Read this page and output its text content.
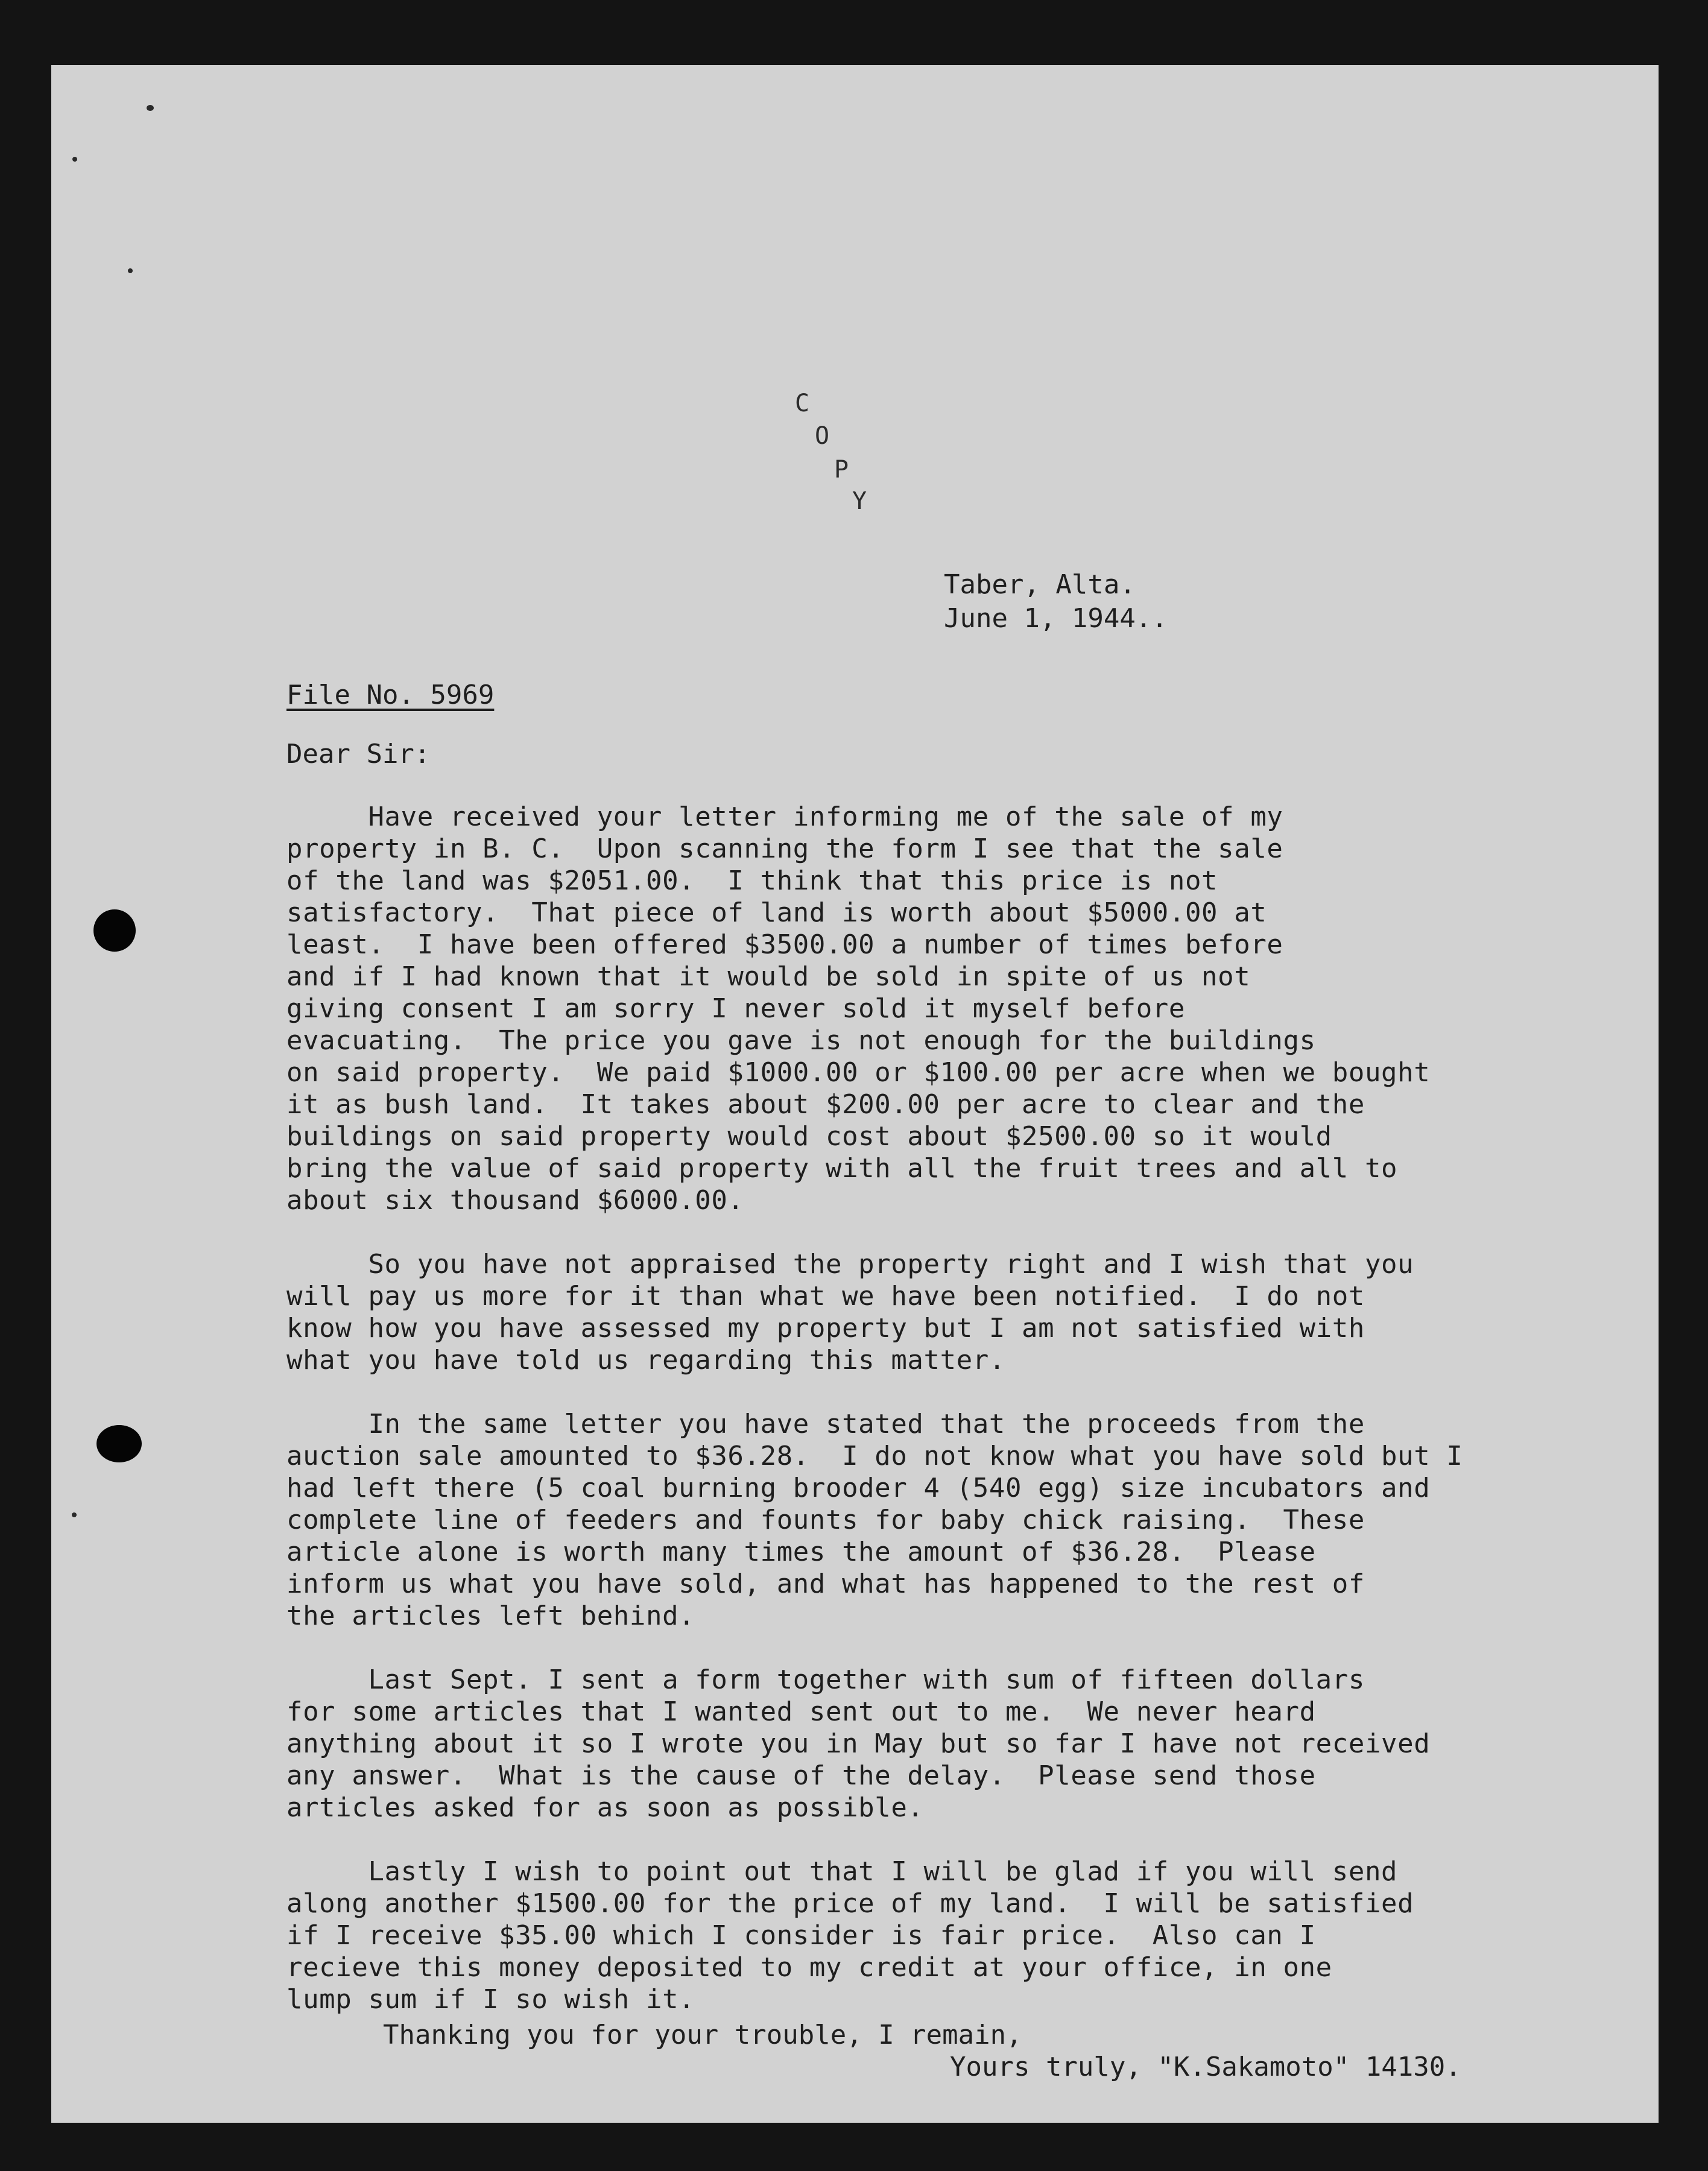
C
O
P
Y
Taber, Alta.
June 1, 1944..
File No. 5969
Dear Sir:
Have received your letter informing me of the sale of my
property in B. C.  Upon scanning the form I see that the sale
of the land was $2051.00.  I think that this price is not
satisfactory.  That piece of land is worth about $5000.00 at
least.  I have been offered $3500.00 a number of times before
and if I had known that it would be sold in spite of us not
giving consent I am sorry I never sold it myself before
evacuating.  The price you gave is not enough for the buildings
on said property.  We paid $1000.00 or $100.00 per acre when we bought
it as bush land.  It takes about $200.00 per acre to clear and the
buildings on said property would cost about $2500.00 so it would
bring the value of said property with all the fruit trees and all to
about six thousand $6000.00.
So you have not appraised the property right and I wish that you
will pay us more for it than what we have been notified.  I do not
know how you have assessed my property but I am not satisfied with
what you have told us regarding this matter.
In the same letter you have stated that the proceeds from the
auction sale amounted to $36.28.  I do not know what you have sold but I
had left there (5 coal burning brooder 4 (540 egg) size incubators and
complete line of feeders and founts for baby chick raising.  These
article alone is worth many times the amount of $36.28.  Please
inform us what you have sold, and what has happened to the rest of
the articles left behind.
Last Sept. I sent a form together with sum of fifteen dollars
for some articles that I wanted sent out to me.  We never heard
anything about it so I wrote you in May but so far I have not received
any answer.  What is the cause of the delay.  Please send those
articles asked for as soon as possible.
Lastly I wish to point out that I will be glad if you will send
along another $1500.00 for the price of my land.  I will be satisfied
if I receive $35.00 which I consider is fair price.  Also can I
recieve this money deposited to my credit at your office, in one
lump sum if I so wish it.
Thanking you for your trouble, I remain,
Yours truly, "K.Sakamoto" 14130.
